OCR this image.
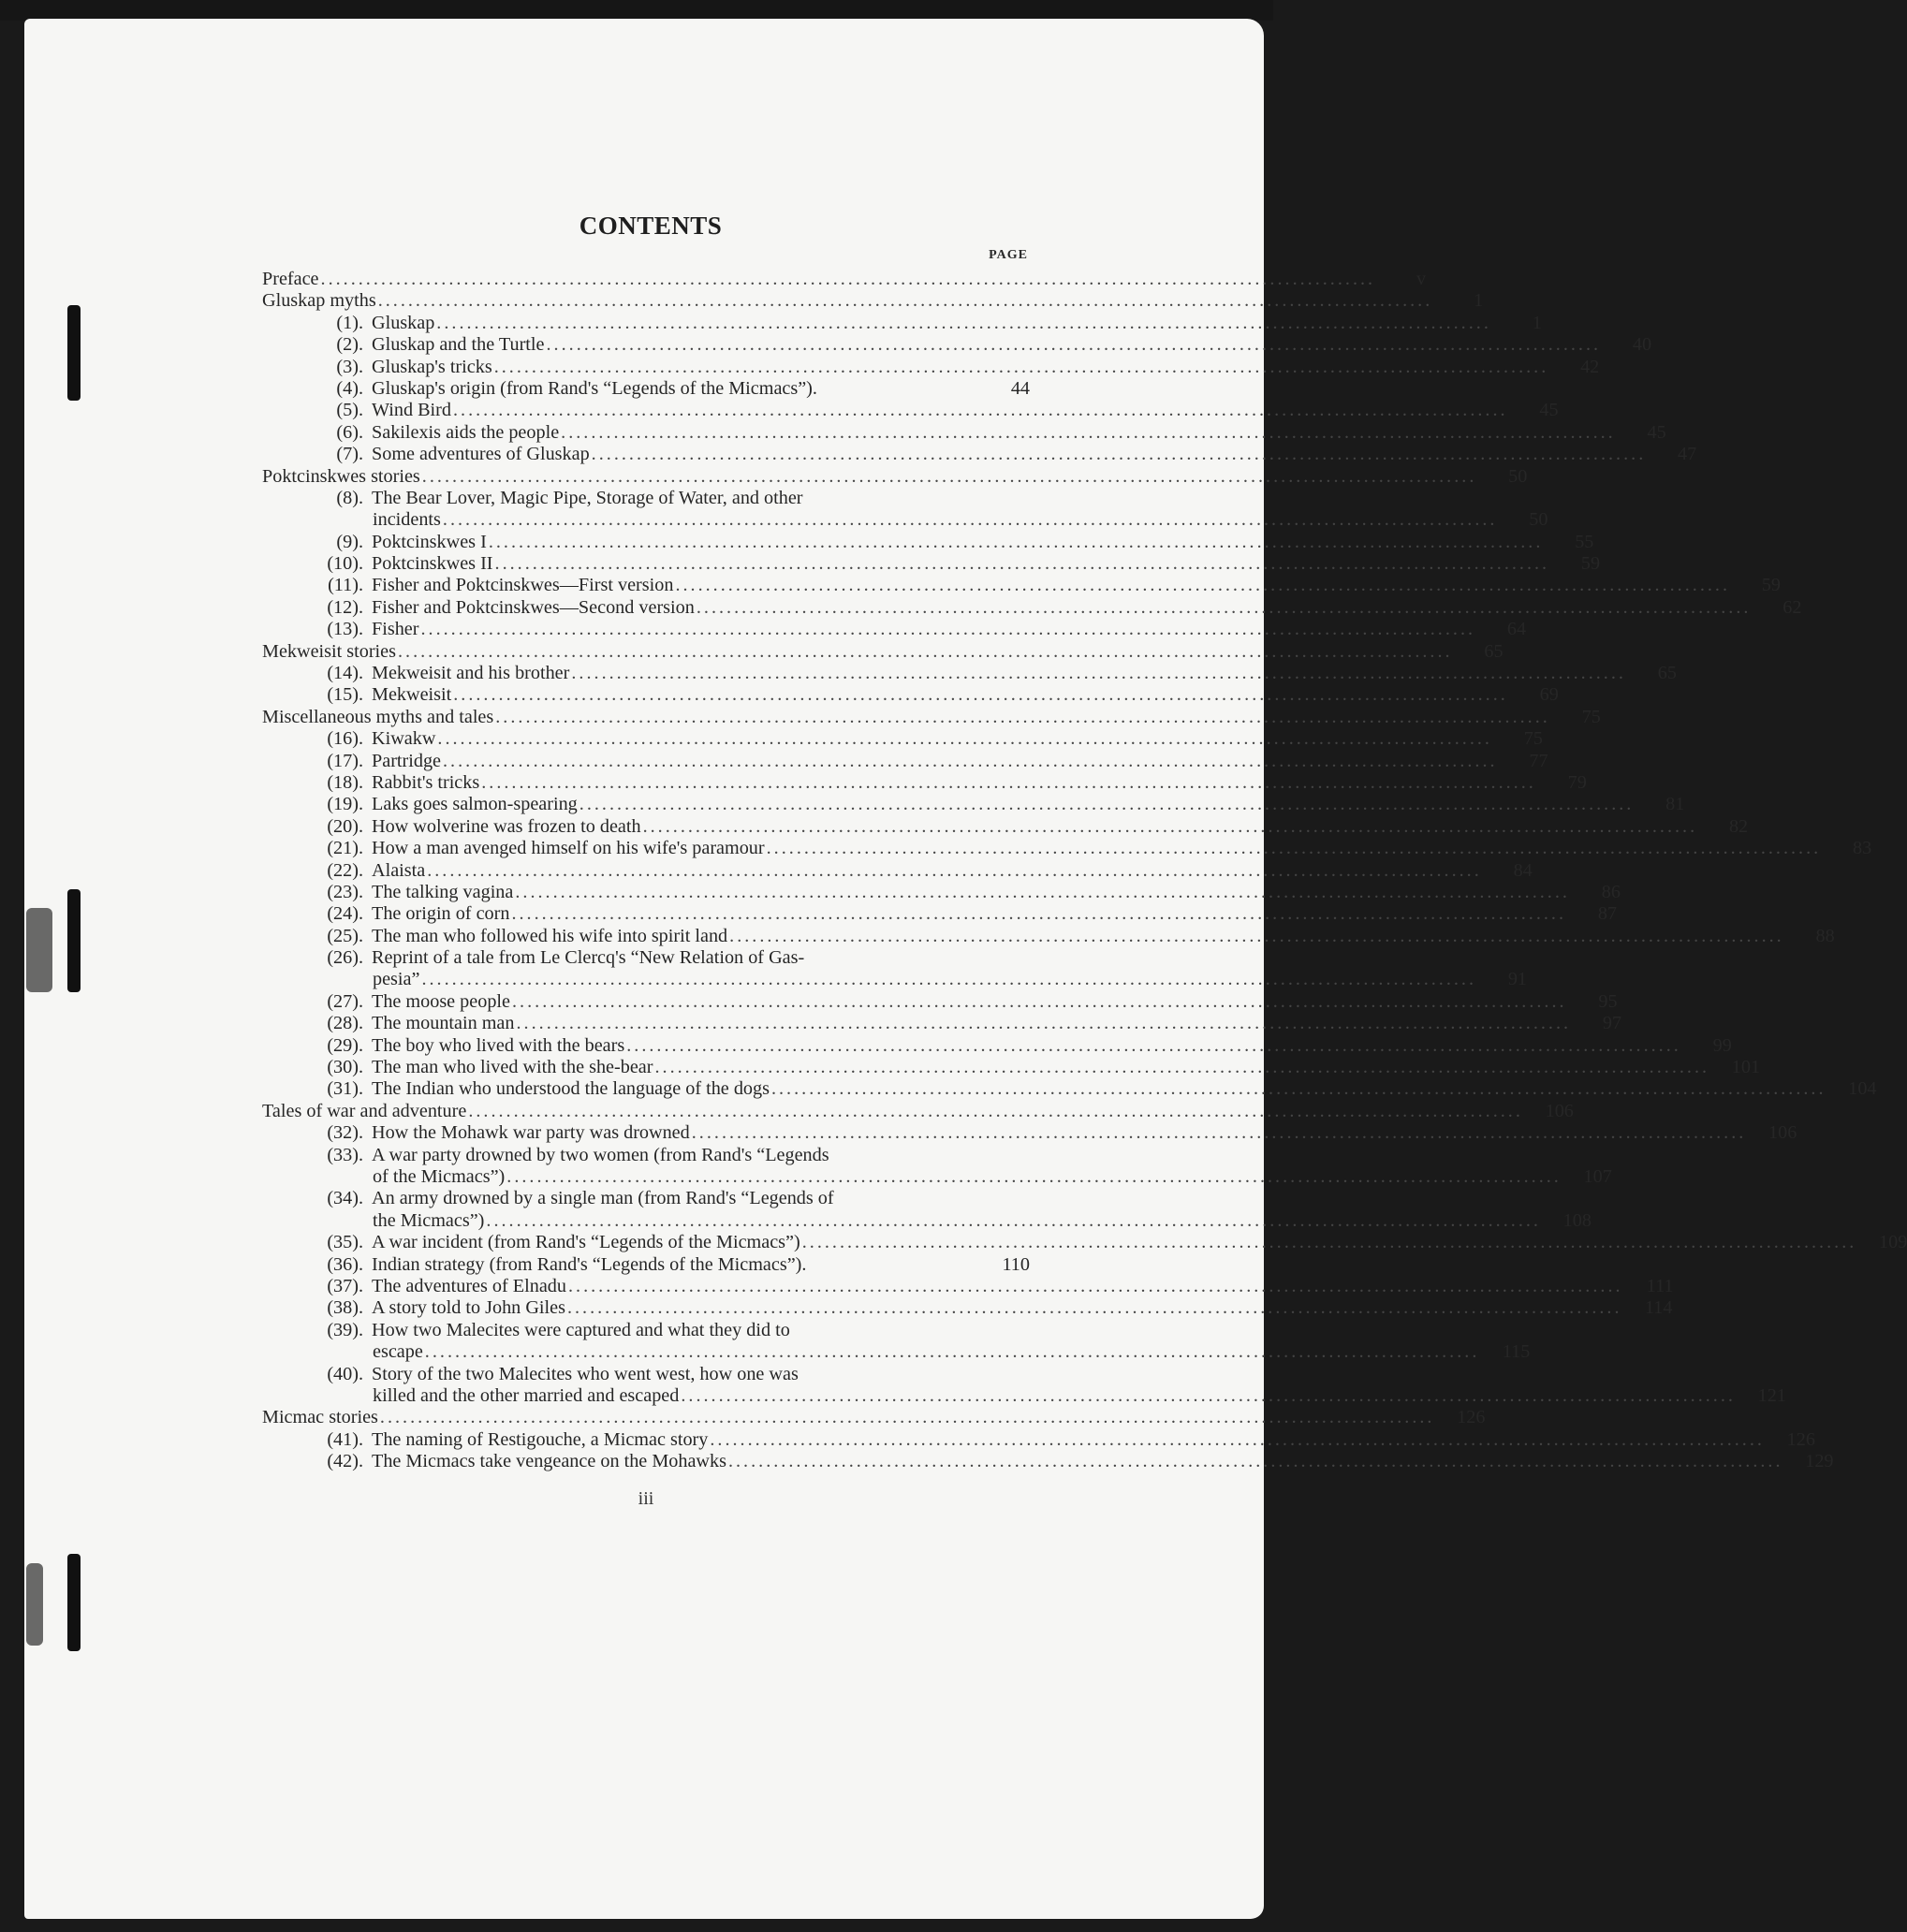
CONTENTS
PAGE
Preface ............................................................................................................................................	v
Gluskap myths ............................................................................................................................................	1
(1). Gluskap ............................................................................................................................................	1
(2). Gluskap and the Turtle ............................................................................................................................................	40
(3). Gluskap's tricks ............................................................................................................................................	42
(4). Gluskap's origin (from Rand's “Legends of the Micmacs”).	44
(5). Wind Bird ............................................................................................................................................	45
(6). Sakilexis aids the people ............................................................................................................................................	45
(7). Some adventures of Gluskap ............................................................................................................................................	47
Poktcinskwes stories ............................................................................................................................................	50
(8). The Bear Lover, Magic Pipe, Storage of Water, and other
incidents ............................................................................................................................................	50
(9). Poktcinskwes I ............................................................................................................................................	55
(10). Poktcinskwes II ............................................................................................................................................	59
(11). Fisher and Poktcinskwes—First version ............................................................................................................................................	59
(12). Fisher and Poktcinskwes—Second version ............................................................................................................................................	62
(13). Fisher ............................................................................................................................................	64
Mekweisit stories ............................................................................................................................................	65
(14). Mekweisit and his brother ............................................................................................................................................	65
(15). Mekweisit ............................................................................................................................................	69
Miscellaneous myths and tales ............................................................................................................................................	75
(16). Kiwakw ............................................................................................................................................	75
(17). Partridge ............................................................................................................................................	77
(18). Rabbit's tricks ............................................................................................................................................	79
(19). Laks goes salmon-spearing ............................................................................................................................................	81
(20). How wolverine was frozen to death ............................................................................................................................................	82
(21). How a man avenged himself on his wife's paramour ............................................................................................................................................	83
(22). Alaista ............................................................................................................................................	84
(23). The talking vagina ............................................................................................................................................	86
(24). The origin of corn ............................................................................................................................................	87
(25). The man who followed his wife into spirit land ............................................................................................................................................	88
(26). Reprint of a tale from Le Clercq's “New Relation of Gas-
pesia” ............................................................................................................................................	91
(27). The moose people ............................................................................................................................................	95
(28). The mountain man ............................................................................................................................................	97
(29). The boy who lived with the bears ............................................................................................................................................	99
(30). The man who lived with the she-bear ............................................................................................................................................	101
(31). The Indian who understood the language of the dogs ............................................................................................................................................	104
Tales of war and adventure ............................................................................................................................................	106
(32). How the Mohawk war party was drowned ............................................................................................................................................	106
(33). A war party drowned by two women (from Rand's “Legends
of the Micmacs”) ............................................................................................................................................	107
(34). An army drowned by a single man (from Rand's “Legends of
the Micmacs”) ............................................................................................................................................	108
(35). A war incident (from Rand's “Legends of the Micmacs”) ............................................................................................................................................	109
(36). Indian strategy (from Rand's “Legends of the Micmacs”).	110
(37). The adventures of Elnadu ............................................................................................................................................	111
(38). A story told to John Giles ............................................................................................................................................	114
(39). How two Malecites were captured and what they did to
escape ............................................................................................................................................	115
(40). Story of the two Malecites who went west, how one was
killed and the other married and escaped ............................................................................................................................................	121
Micmac stories ............................................................................................................................................	126
(41). The naming of Restigouche, a Micmac story ............................................................................................................................................	126
(42). The Micmacs take vengeance on the Mohawks ............................................................................................................................................	129
iii
